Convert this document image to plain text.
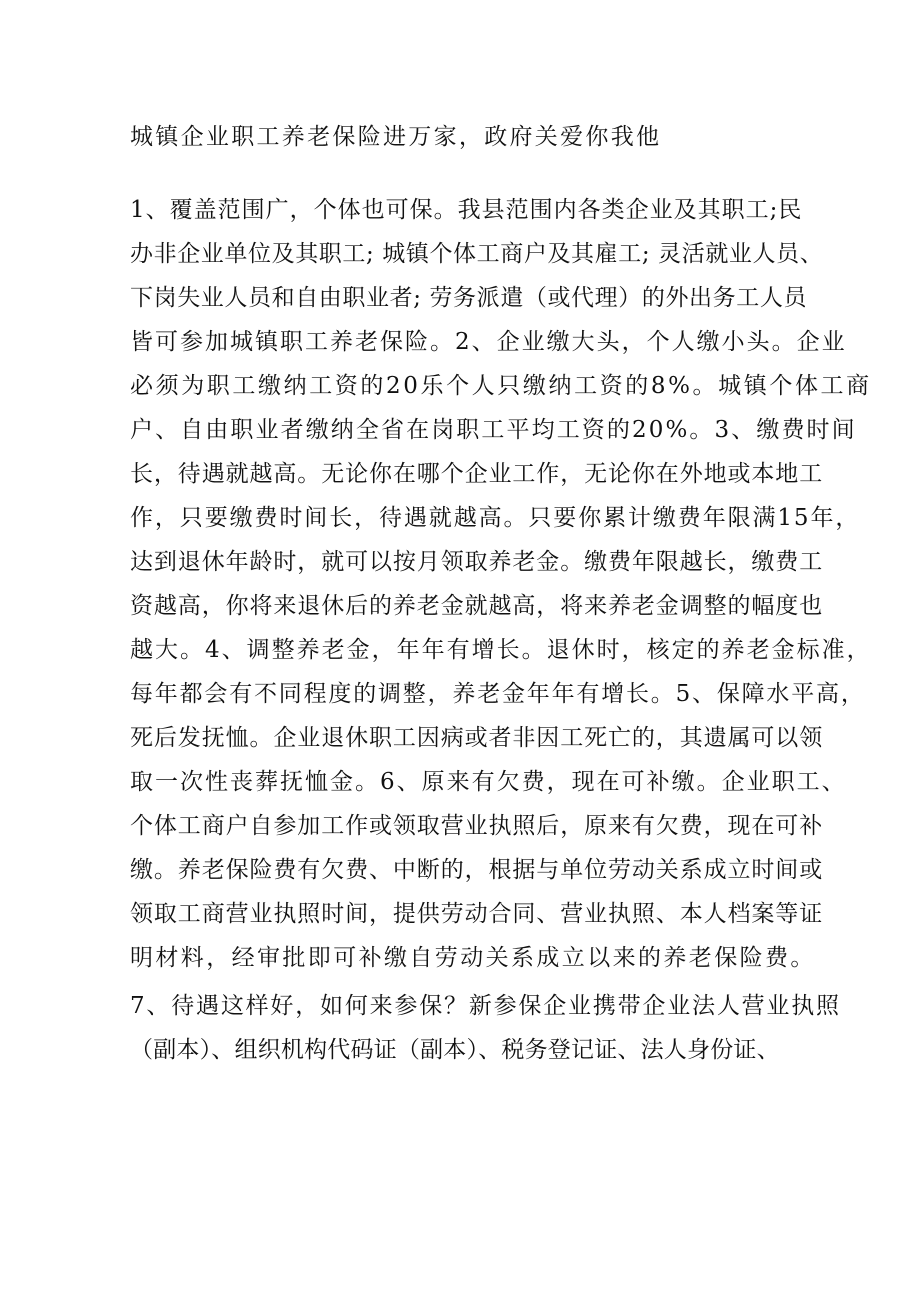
城镇企业职工养老保险进万家，政府关爱你我他
1、覆盖范围广，个体也可保。我县范围内各类企业及其职工;民
办非企业单位及其职工; 城镇个体工商户及其雇工; 灵活就业人员、
下岗失业人员和自由职业者; 劳务派遣（或代理）的外出务工人员
皆可参加城镇职工养老保险。2、企业缴大头，个人缴小头。企业
必须为职工缴纳工资的20乐个人只缴纳工资的8%。城镇个体工商
户、自由职业者缴纳全省在岗职工平均工资的20%。3、缴费时间
长，待遇就越高。无论你在哪个企业工作，无论你在外地或本地工
作，只要缴费时间长，待遇就越高。只要你累计缴费年限满15年，
达到退休年龄时，就可以按月领取养老金。缴费年限越长，缴费工
资越高，你将来退休后的养老金就越高，将来养老金调整的幅度也
越大。4、调整养老金，年年有增长。退休时，核定的养老金标准，
每年都会有不同程度的调整，养老金年年有增长。5、保障水平高，
死后发抚恤。企业退休职工因病或者非因工死亡的，其遗属可以领
取一次性丧葬抚恤金。6、原来有欠费，现在可补缴。企业职工、
个体工商户自参加工作或领取营业执照后，原来有欠费，现在可补
缴。养老保险费有欠费、中断的，根据与单位劳动关系成立时间或
领取工商营业执照时间，提供劳动合同、营业执照、本人档案等证
明材料，经审批即可补缴自劳动关系成立以来的养老保险费。
7、待遇这样好，如何来参保？新参保企业携带企业法人营业执照
（副本）、组织机构代码证（副本）、税务登记证、法人身份证、
